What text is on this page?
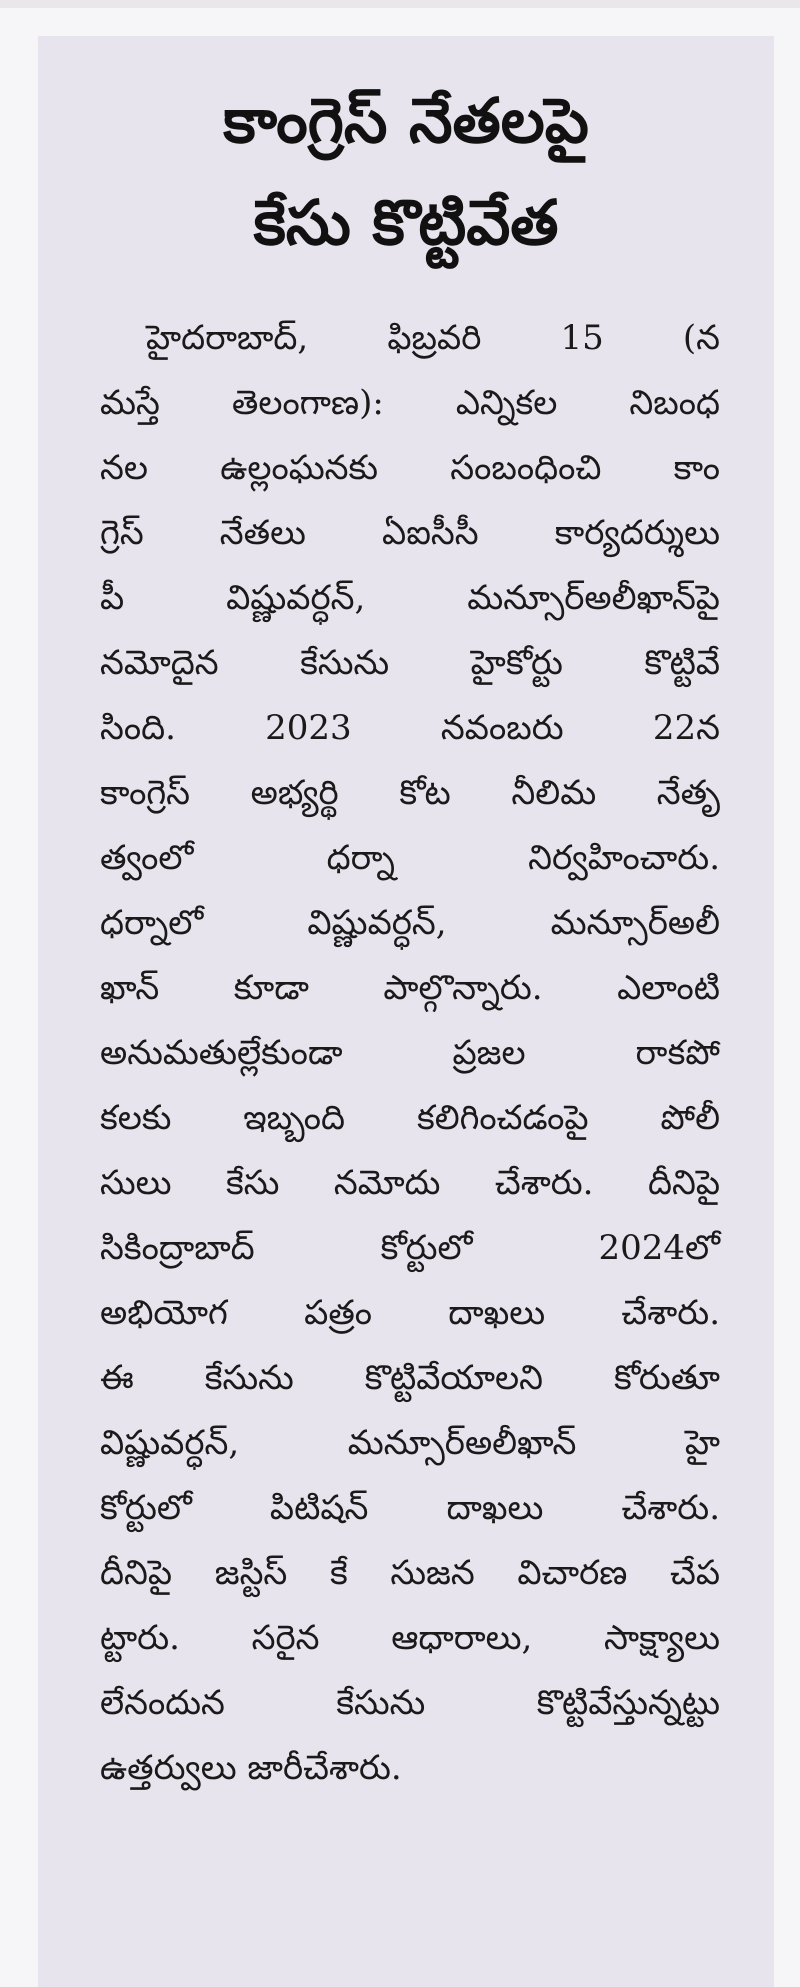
కాంగ్రెస్ నేతలపై
కేసు కొట్టివేత
హైదరాబాద్, ఫిబ్రవరి 15 (న
మస్తే తెలంగాణ): ఎన్నికల నిబంధ
నల ఉల్లంఘనకు సంబంధించి కాం
గ్రెస్ నేతలు ఏఐసీసీ కార్యదర్శులు
పీ విష్ణువర్ధన్, మన్సూర్‌అలీఖాన్‌పై
నమోదైన కేసును హైకోర్టు కొట్టివే
సింది. 2023 నవంబరు 22న
కాంగ్రెస్ అభ్యర్థి కోట నీలిమ నేతృ
త్వంలో ధర్నా నిర్వహించారు.
ధర్నాలో విష్ణువర్ధన్, మన్సూర్‌అలీ
ఖాన్ కూడా పాల్గొన్నారు. ఎలాంటి
అనుమతుల్లేకుండా ప్రజల రాకపో
కలకు ఇబ్బంది కలిగించడంపై పోలీ
సులు కేసు నమోదు చేశారు. దీనిపై
సికింద్రాబాద్ కోర్టులో 2024లో
అభియోగ పత్రం దాఖలు చేశారు.
ఈ కేసును కొట్టివేయాలని కోరుతూ
విష్ణువర్ధన్, మన్సూర్‌అలీఖాన్ హై
కోర్టులో పిటిషన్ దాఖలు చేశారు.
దీనిపై జస్టిస్ కే సుజన విచారణ చేప
ట్టారు. సరైన ఆధారాలు, సాక్ష్యాలు
లేనందున కేసును కొట్టివేస్తున్నట్టు
ఉత్తర్వులు జారీచేశారు.
